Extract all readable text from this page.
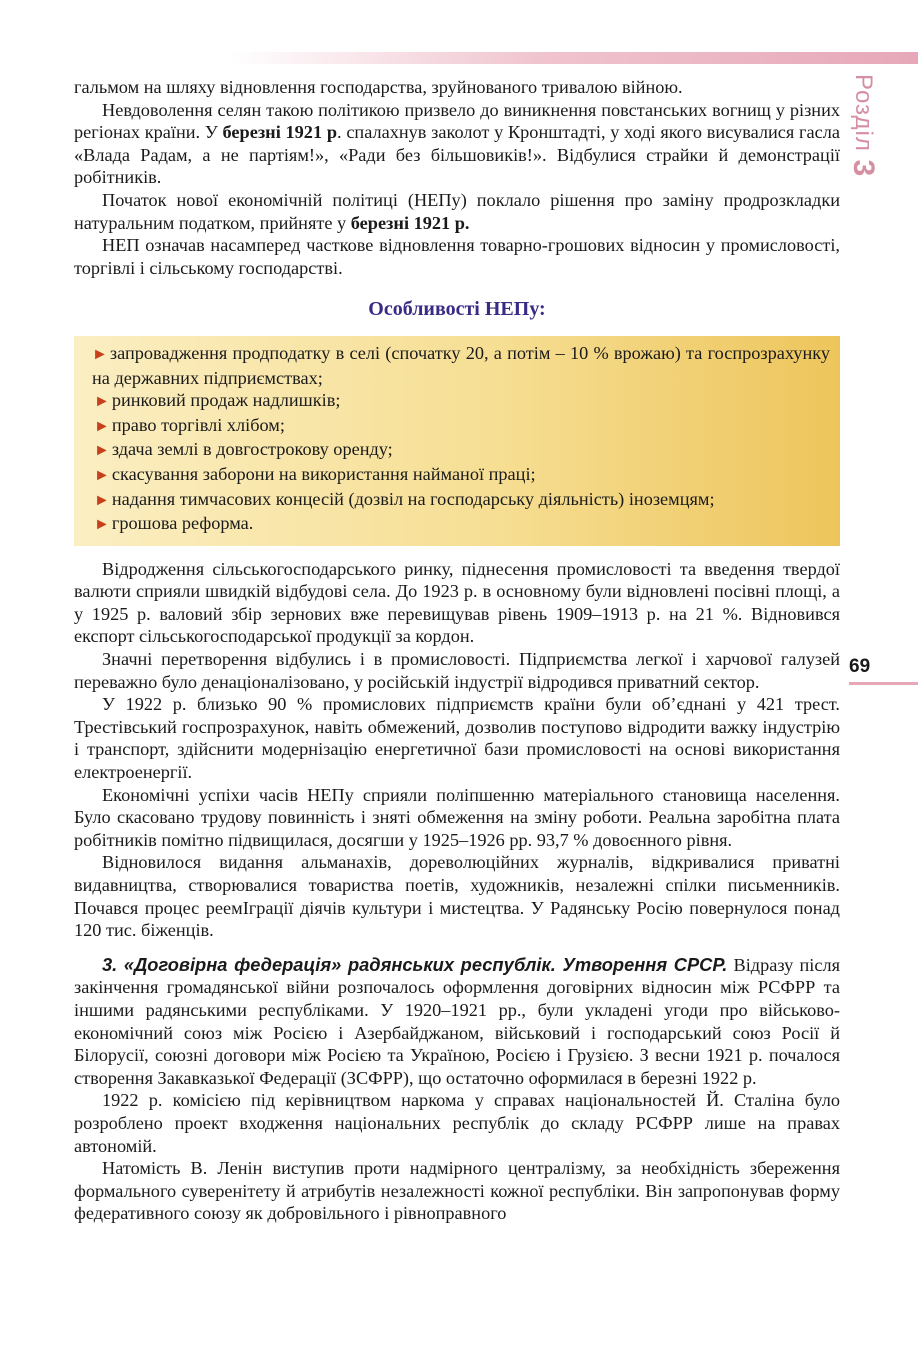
Розділ 3
69

гальмом на шляху відновлення господарства, зруйнованого тривалою війною.

Невдоволення селян такою політикою призвело до виникнення повстанських вогнищ у різних регіонах країни. У березні 1921 р. спалахнув заколот у Кронштадті, у ході якого висувалися гасла «Влада Радам, а не партіям!», «Ради без більшовиків!». Відбулися страйки й демонстрації робітників.

Початок нової економічній політиці (НЕПу) поклало рішення про заміну продрозкладки натуральним податком, прийняте у березні 1921 р.

НЕП означав насамперед часткове відновлення товарно-грошових відносин у промисловості, торгівлі і сільському господарстві.

Особливості НЕПу:
► запровадження продподатку в селі (спочатку 20, а потім – 10 % врожаю) та госпрозрахунку на державних підприємствах;
► ринковий продаж надлишків;
► право торгівлі хлібом;
► здача землі в довгострокову оренду;
► скасування заборони на використання найманої праці;
► надання тимчасових концесій (дозвіл на господарську діяльність) іноземцям;
► грошова реформа.

Відродження сільськогосподарського ринку, піднесення промисловості та введення твердої валюти сприяли швидкій відбудові села. До 1923 р. в основному були відновлені посівні площі, а у 1925 р. валовий збір зернових вже перевищував рівень 1909–1913 р. на 21 %. Відновився експорт сільськогосподарської продукції за кордон.

Значні перетворення відбулись і в промисловості. Підприємства легкої і харчової галузей переважно було денаціоналізовано, у російській індустрії відродився приватний сектор.

У 1922 р. близько 90 % промислових підприємств країни були об’єднані у 421 трест. Трестівський госпрозрахунок, навіть обмежений, дозволив поступово відродити важку індустрію і транспорт, здійснити модернізацію енергетичної бази промисловості на основі використання електроенергії.

Економічні успіхи часів НЕПу сприяли поліпшенню матеріального становища населення. Було скасовано трудову повинність і зняті обмеження на зміну роботи. Реальна заробітна плата робітників помітно підвищилася, досягши у 1925–1926 рр. 93,7 % довоєнного рівня.

Відновилося видання альманахів, дореволюційних журналів, відкривалися приватні видавництва, створювалися товариства поетів, художників, незалежні спілки письменників. Почався процес реемІграції діячів культури і мистецтва. У Радянську Росію повернулося понад 120 тис. біженців.

3. «Договірна федерація» радянських республік. Утворення СРСР. Відразу після закінчення громадянської війни розпочалось оформлення договірних відносин між РСФРР та іншими радянськими республіками. У 1920–1921 рр., були укладені угоди про військово-економічний союз між Росією і Азербайджаном, військовий і господарський союз Росії й Білорусії, союзні договори між Росією та Україною, Росією і Грузією. З весни 1921 р. почалося створення Закавказької Федерації (ЗСФРР), що остаточно оформилася в березні 1922 р.

1922 р. комісією під керівництвом наркома у справах національностей Й. Сталіна було розроблено проект входження національних республік до складу РСФРР лише на правах автономій.

Натомість В. Ленін виступив проти надмірного централізму, за необхідність збереження формального суверенітету й атрибутів незалежності кожної республіки. Він запропонував форму федеративного союзу як добровільного і рівноправного
